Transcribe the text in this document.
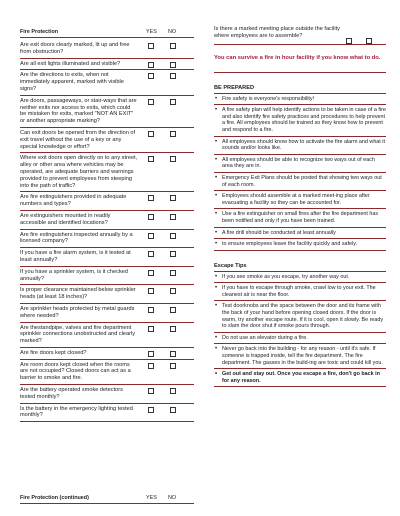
Fire Protection	YES NO
Are exit doors clearly marked, lit up and free from obstruction?
Are all exit lights illuminated and visible?
Are the directions to exits, when not immediately apparent, marked with visible signs?
Are doors, passageways, or stair-ways that are neither exits nor access to exits, which could be mistaken for exits, marked "NOT AN EXIT" or another appropriate marking?
Can exit doors be opened from the direction of exit travel without the use of a key or any special knowledge or effort?
Where exit doors open directly on to any street, alley or other area where vehicles may be operated, are adequate barriers and warnings provided to prevent employees from steeping into the path of traffic?
Are fire extinguishers provided in adequate numbers and types?
Are extinguishers mounted in readily accessible and identified locations?
Are fire extinguishers inspected annually by a licensed company?
If you have a fire alarm system, is it tested at least annually?
If you have a sprinkler system, is it checked annually?
Is proper clearance maintained below sprinkler heads (at least 18 inches)?
Are sprinkler heads protected by metal guards where needed?
Are thestandpipe, valves and fire department sprinkler connections unobstructed and clearly marked?
Are fire doors kept closed?
Are room doors kept closed when the rooms are not occupied? Closed doors can act as a barrier to smoke and fire.
Are the battery operated smoke detectors tested monthly?
Is the battery in the emergency lighting tested monthly?
Fire Protection (continued)	YES NO
Is there a marked meeting place outside the facility where employees are to assemble?
You can survive a fire in hour facility if you know what to do.
BE PREPARED
• Fire safety is everyone's responsibility!
• A fire safety plan will help identify actions to be taken in case of a fire and also identify fire safety practices and procedures to help prevent a fire. All employees should be trained so they know how to prevent and respond to a fire.
• All employees should know how to activate the fire alarm and what it sounds and/or looks like.
• All employees should be able to recognize two ways out of each area they are in.
• Emergency Exit Plans should be posted that showing two ways out of each room.
• Employees should assemble at a marked meet-ing place after evacuating a facility so they can be accounted for.
• Use a fire extinguisher on small fires after the fire department has been notified and only if you have been trained.
• A fire drill should be conducted at least annually
• to ensure employees leave the facility quickly and safely.
Escape Tips
• If you see smoke as you escape, try another way out.
• If you have to escape through smoke, crawl low to your exit. The cleanest air is near the floor.
• Test doorknobs and the space between the door and its frame with the back of your hand before opening closed doors. If the door is warm, try another escape route. If it is cool, open it slowly. Be ready to slam the door shut if smoke pours through.
• Do not use an elevator during a fire.
• Never go back into the building - for any reason - until it's safe. If someone is trapped inside, tell the fire department. The fire department. The gasses in the build-ing are toxic and could kill you.
• Get out and stay out. Once you escape a fire, don't go back in for any reason.
